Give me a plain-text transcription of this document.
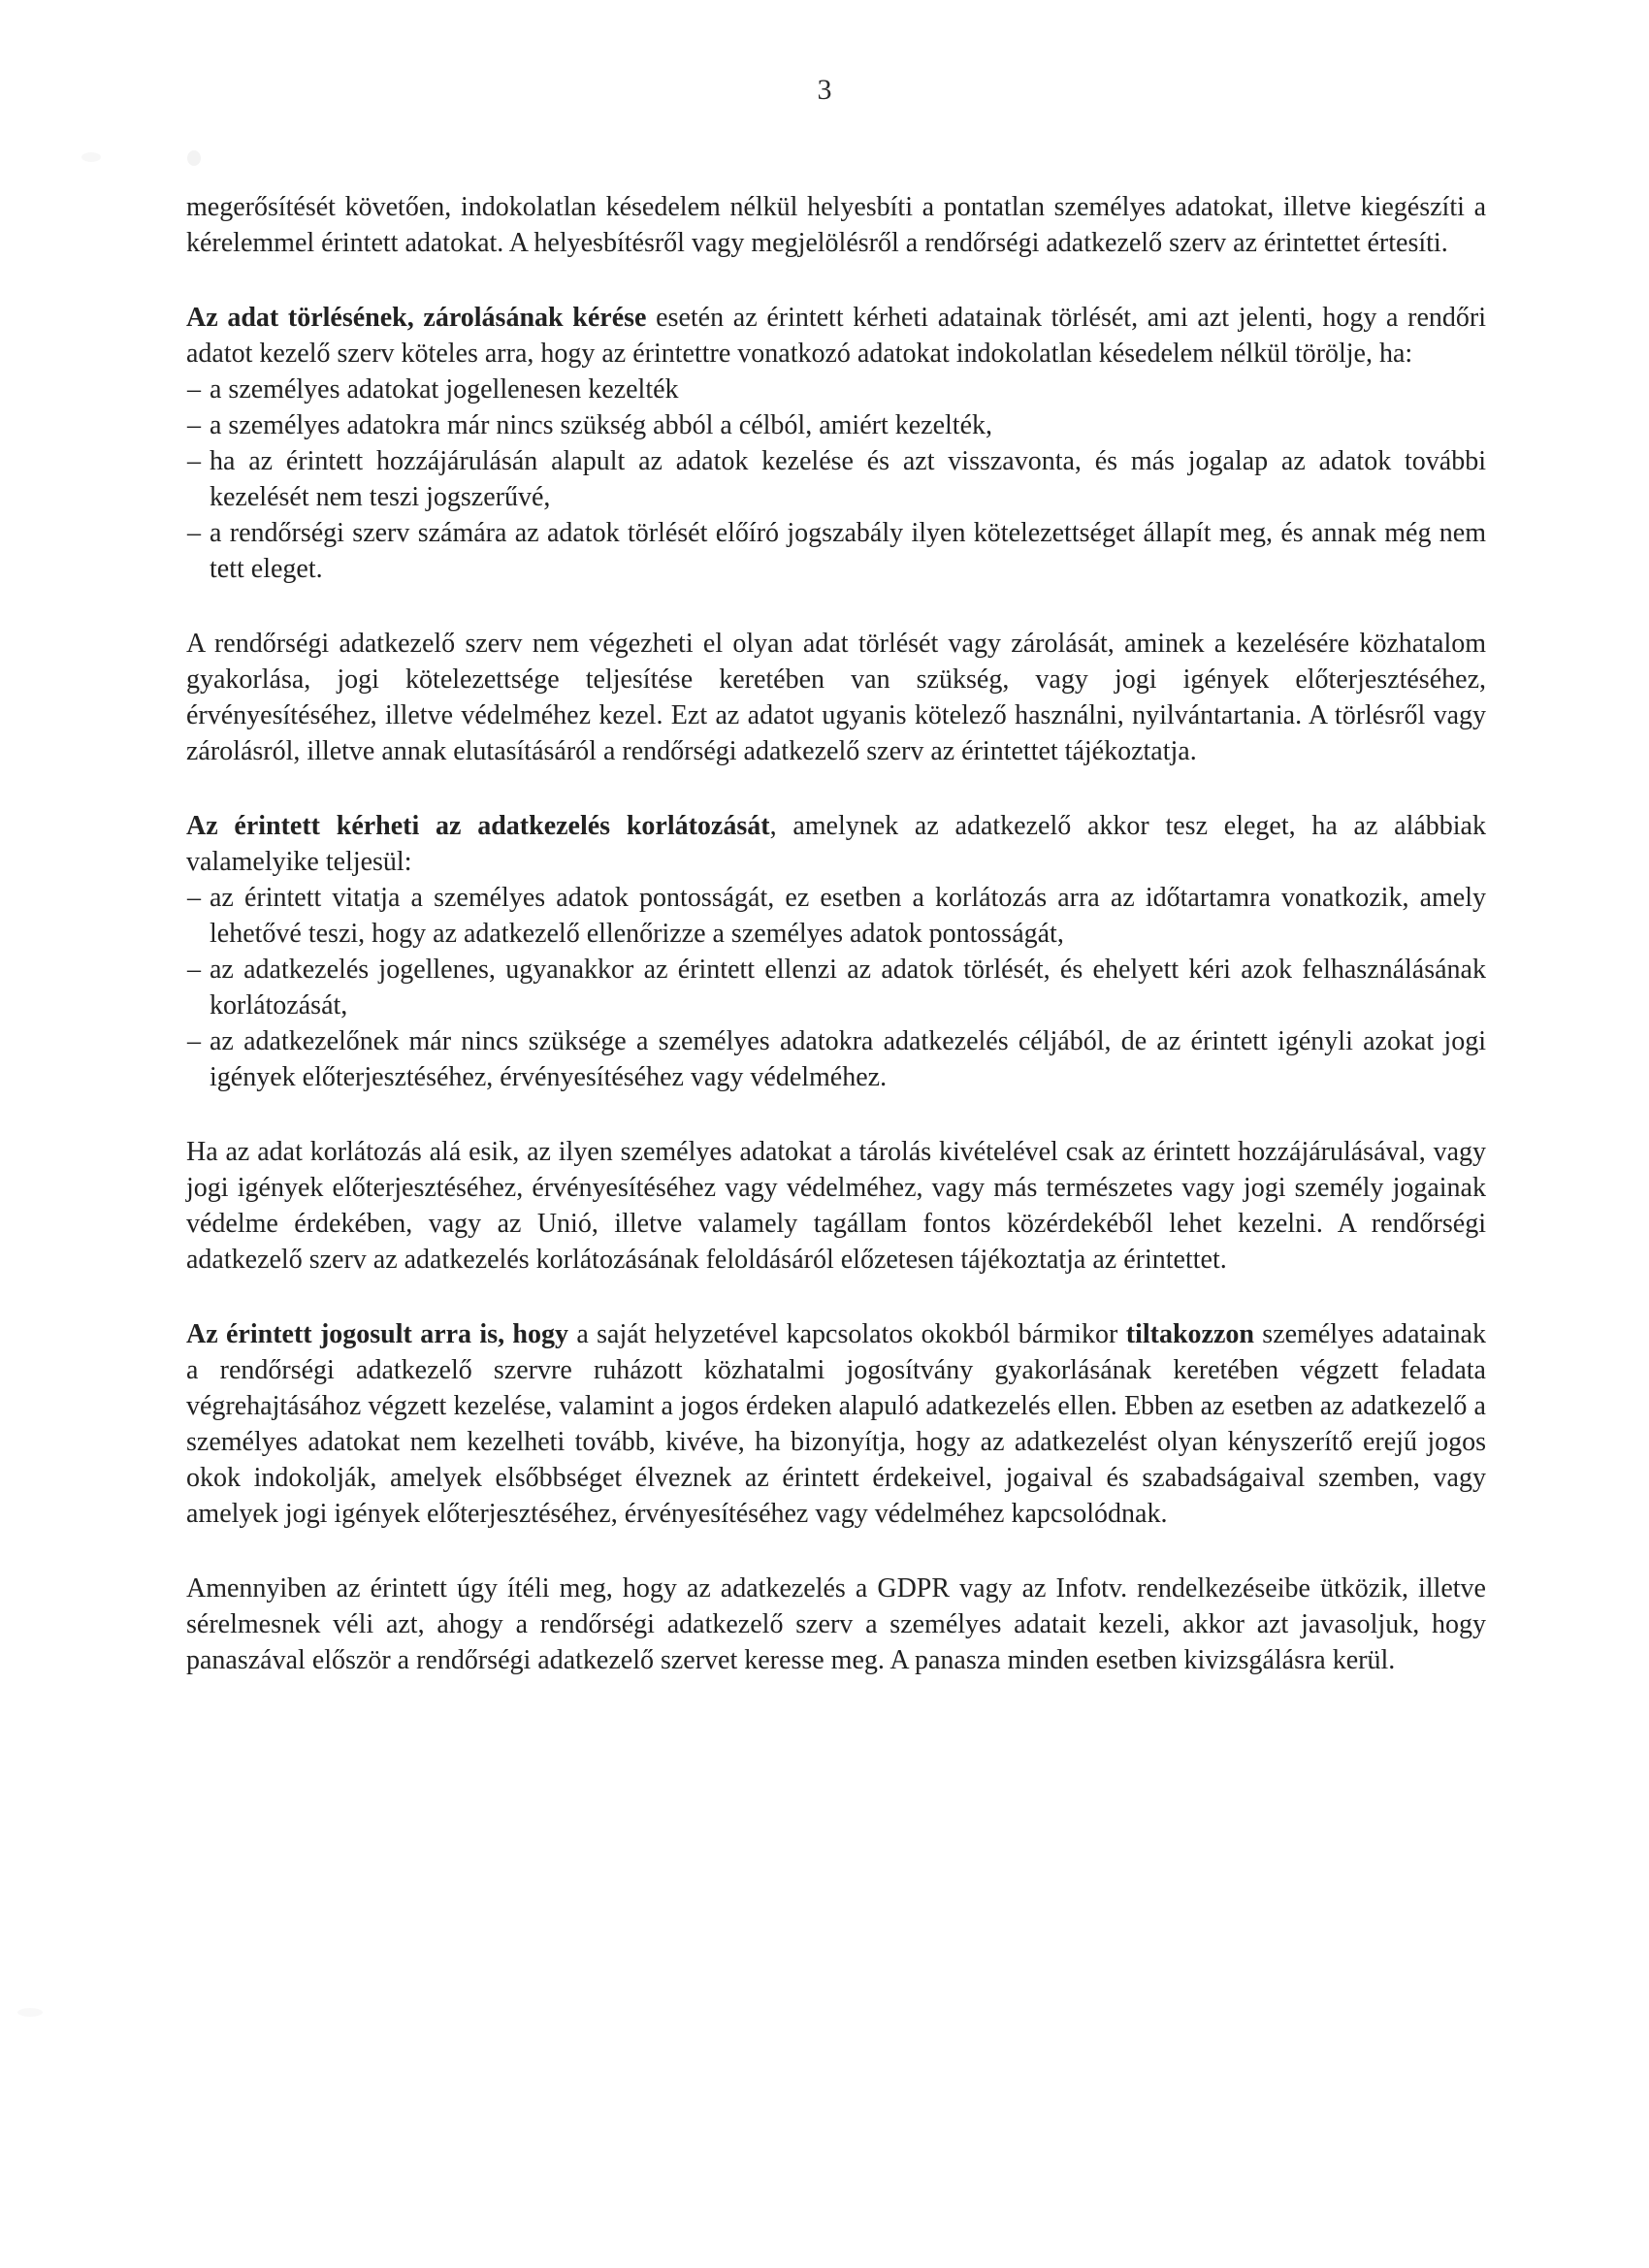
3

megerősítését követően, indokolatlan késedelem nélkül helyesbíti a pontatlan személyes adatokat, illetve kiegészíti a kérelemmel érintett adatokat. A helyesbítésről vagy megjelölésről a rendőrségi adatkezelő szerv az érintettet értesíti.

Az adat törlésének, zárolásának kérése esetén az érintett kérheti adatainak törlését, ami azt jelenti, hogy a rendőri adatot kezelő szerv köteles arra, hogy az érintettre vonatkozó adatokat indokolatlan késedelem nélkül törölje, ha:

– a személyes adatokat jogellenesen kezelték
– a személyes adatokra már nincs szükség abból a célból, amiért kezelték,
– ha az érintett hozzájárulásán alapult az adatok kezelése és azt visszavonta, és más jogalap az adatok további kezelését nem teszi jogszerűvé,
– a rendőrségi szerv számára az adatok törlését előíró jogszabály ilyen kötelezettséget állapít meg, és annak még nem tett eleget.

A rendőrségi adatkezelő szerv nem végezheti el olyan adat törlését vagy zárolását, aminek a kezelésére közhatalom gyakorlása, jogi kötelezettsége teljesítése keretében van szükség, vagy jogi igények előterjesztéséhez, érvényesítéséhez, illetve védelméhez kezel. Ezt az adatot ugyanis kötelező használni, nyilvántartania. A törlésről vagy zárolásról, illetve annak elutasításáról a rendőrségi adatkezelő szerv az érintettet tájékoztatja.

Az érintett kérheti az adatkezelés korlátozását, amelynek az adatkezelő akkor tesz eleget, ha az alábbiak valamelyike teljesül:

– az érintett vitatja a személyes adatok pontosságát, ez esetben a korlátozás arra az időtartamra vonatkozik, amely lehetővé teszi, hogy az adatkezelő ellenőrizze a személyes adatok pontosságát,
– az adatkezelés jogellenes, ugyanakkor az érintett ellenzi az adatok törlését, és ehelyett kéri azok felhasználásának korlátozását,
– az adatkezelőnek már nincs szüksége a személyes adatokra adatkezelés céljából, de az érintett igényli azokat jogi igények előterjesztéséhez, érvényesítéséhez vagy védelméhez.

Ha az adat korlátozás alá esik, az ilyen személyes adatokat a tárolás kivételével csak az érintett hozzájárulásával, vagy jogi igények előterjesztéséhez, érvényesítéséhez vagy védelméhez, vagy más természetes vagy jogi személy jogainak védelme érdekében, vagy az Unió, illetve valamely tagállam fontos közérdekéből lehet kezelni. A rendőrségi adatkezelő szerv az adatkezelés korlátozásának feloldásáról előzetesen tájékoztatja az érintettet.

Az érintett jogosult arra is, hogy a saját helyzetével kapcsolatos okokból bármikor tiltakozzon személyes adatainak a rendőrségi adatkezelő szervre ruházott közhatalmi jogosítvány gyakorlásának keretében végzett feladata végrehajtásához végzett kezelése, valamint a jogos érdeken alapuló adatkezelés ellen. Ebben az esetben az adatkezelő a személyes adatokat nem kezelheti tovább, kivéve, ha bizonyítja, hogy az adatkezelést olyan kényszerítő erejű jogos okok indokolják, amelyek elsőbbséget élveznek az érintett érdekeivel, jogaival és szabadságaival szemben, vagy amelyek jogi igények előterjesztéséhez, érvényesítéséhez vagy védelméhez kapcsolódnak.

Amennyiben az érintett úgy ítéli meg, hogy az adatkezelés a GDPR vagy az Infotv. rendelkezéseibe ütközik, illetve sérelmesnek véli azt, ahogy a rendőrségi adatkezelő szerv a személyes adatait kezeli, akkor azt javasoljuk, hogy panaszával először a rendőrségi adatkezelő szervet keresse meg. A panasza minden esetben kivizsgálásra kerül.
